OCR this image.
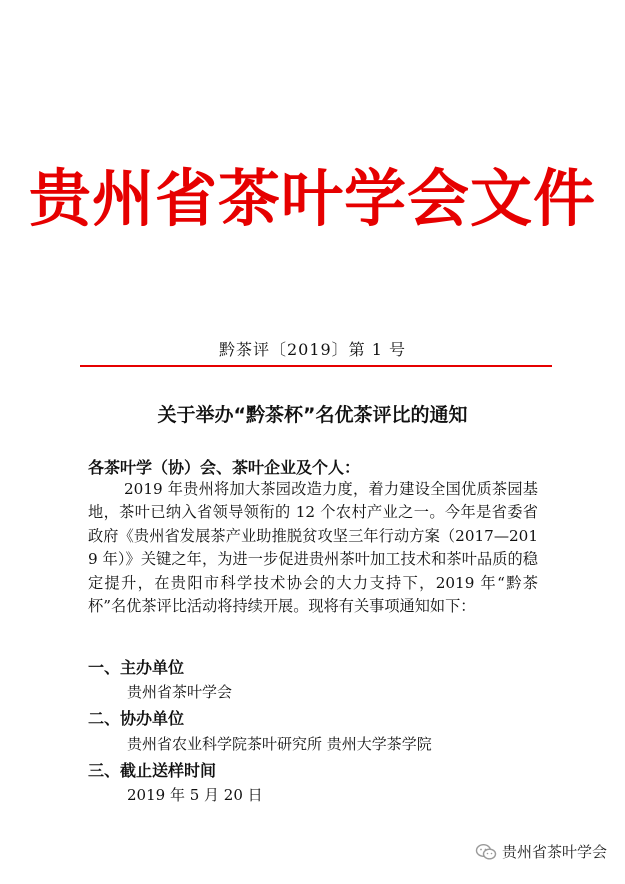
贵州省茶叶学会文件
黔茶评〔2019〕第 1 号
关于举办“黔茶杯”名优茶评比的通知
各茶叶学（协）会、茶叶企业及个人：
2019 年贵州将加大茶园改造力度，着力建设全国优质茶园基地，茶叶已纳入省领导领衔的 12 个农村产业之一。今年是省委省政府《贵州省发展茶产业助推脱贫攻坚三年行动方案（2017—2019 年）》关键之年，为进一步促进贵州茶叶加工技术和茶叶品质的稳定提升，在贵阳市科学技术协会的大力支持下，2019 年“黔茶杯”名优茶评比活动将持续开展。现将有关事项通知如下：
一、主办单位
贵州省茶叶学会
二、协办单位
贵州省农业科学院茶叶研究所 贵州大学茶学院
三、截止送样时间
2019 年 5 月 20 日
贵州省茶叶学会
